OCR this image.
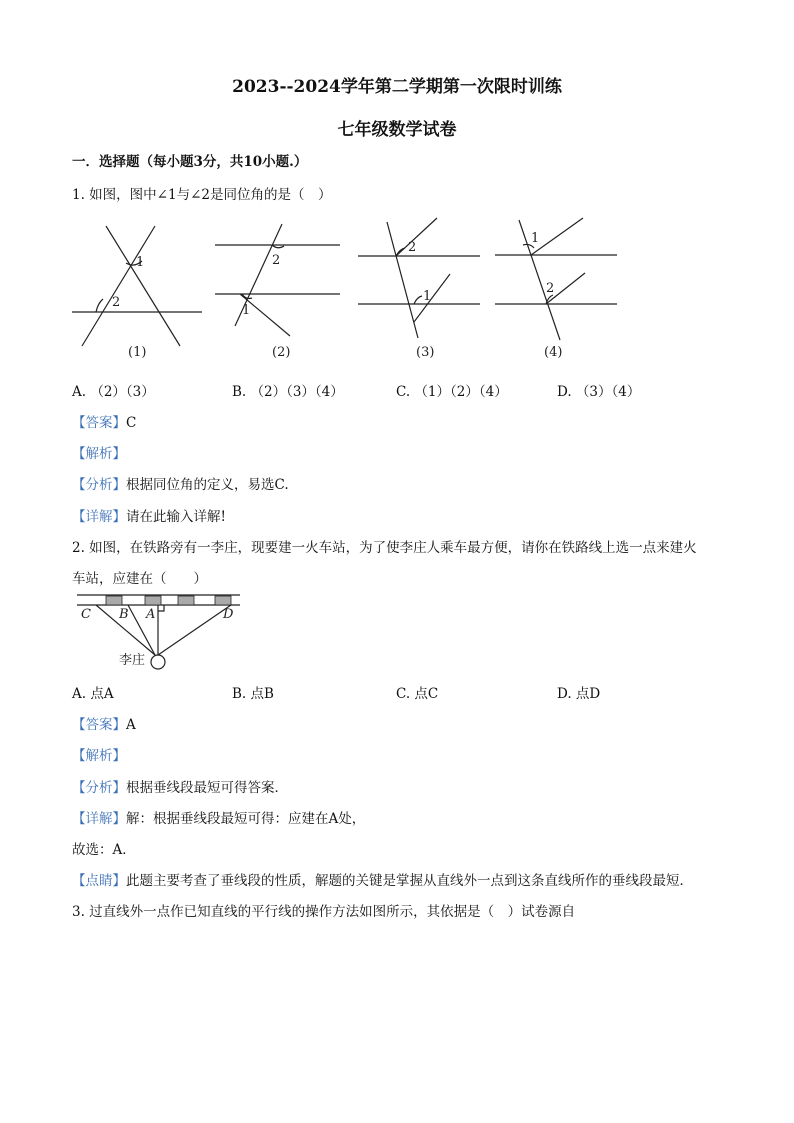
2023--2024学年第二学期第一次限时训练
七年级数学试卷
一．选择题（每小题3分，共10小题.）
1. 如图，图中∠1与∠2是同位角的是（　）
1
2
(1)
2
1
(2)
2
1
(3)
1
2
(4)
A. （2）（3）	B. （2）（3）（4）	C. （1）（2）（4）	D. （3）（4）
【答案】C
【解析】
【分析】根据同位角的定义，易选C.
【详解】请在此输入详解!
2. 如图，在铁路旁有一李庄，现要建一火车站，为了使李庄人乘车最方便，请你在铁路线上选一点来建火
车站，应建在（　　）
C B A	D
李庄
A. 点A	B. 点B	C. 点C	D. 点D
【答案】A
【解析】
【分析】根据垂线段最短可得答案．
【详解】解：根据垂线段最短可得：应建在A处，
故选：A．
【点睛】此题主要考查了垂线段的性质，解题的关键是掌握从直线外一点到这条直线所作的垂线段最短．
3. 过直线外一点作已知直线的平行线的操作方法如图所示，其依据是（　）试卷源自
